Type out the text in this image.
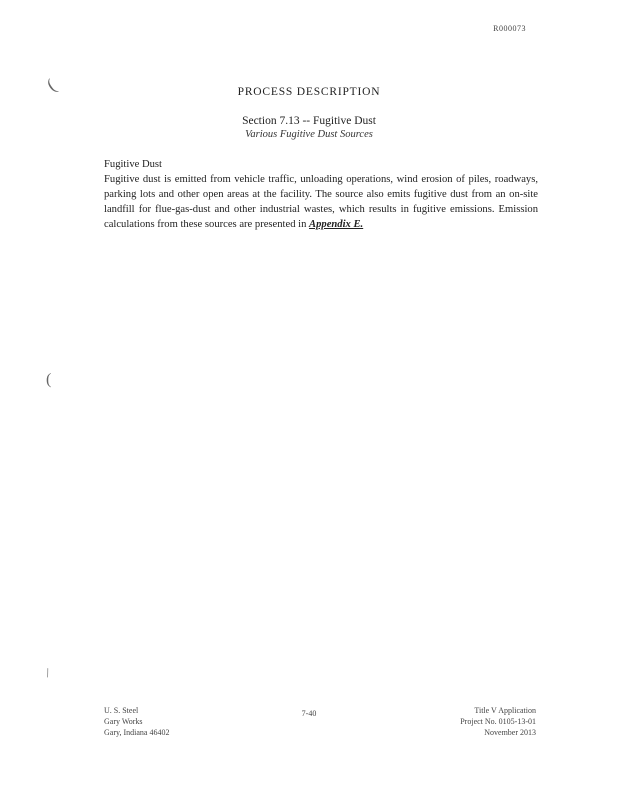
R000073
(
(
\
PROCESS DESCRIPTION
Section 7.13 -- Fugitive Dust
Various Fugitive Dust Sources

Fugitive Dust

Fugitive dust is emitted from vehicle traffic, unloading operations, wind erosion of piles, roadways, parking lots and other open areas at the facility. The source also emits fugitive dust from an on-site landfill for flue-gas-dust and other industrial wastes, which results in fugitive emissions. Emission calculations from these sources are presented in Appendix E.

U. S. Steel
Gary Works
Gary, Indiana 46402
7-40	Title V Application
Project No. 0105-13-01
November 2013
